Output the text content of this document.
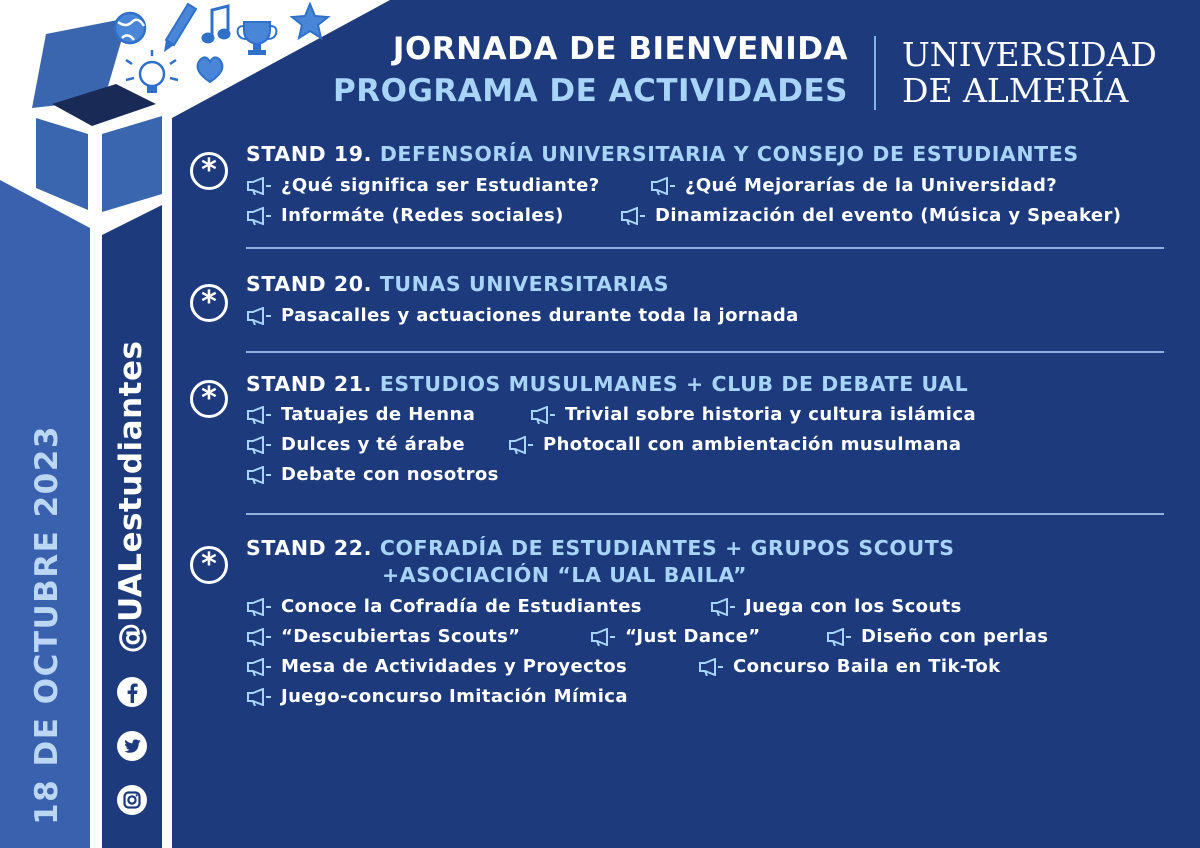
18 DE OCTUBRE 2023 @UALestudiantes
JORNADA DE BIENVENIDA
PROGRAMA DE ACTIVIDADES
UNIVERSIDAD
DE ALMERÍA
*	STAND 19. DEFENSORÍA UNIVERSITARIA Y CONSEJO DE ESTUDIANTES
¿Qué significa ser Estudiante?	¿Qué Mejorarías de la Universidad?
Informáte (Redes sociales)	Dinamización del evento (Música y Speaker)
*
STAND 20. TUNAS UNIVERSITARIAS
Pasacalles y actuaciones durante toda la jornada
*	STAND 21. ESTUDIOS MUSULMANES + CLUB DE DEBATE UAL
Tatuajes de Henna	Trivial sobre historia y cultura islámica
Dulces y té árabe	Photocall con ambientación musulmana
Debate con nosotros
*	STAND 22. COFRADÍA DE ESTUDIANTES + GRUPOS SCOUTS
+ASOCIACIÓN “LA UAL BAILA”
Conoce la Cofradía de Estudiantes	Juega con los Scouts
“Descubiertas Scouts”	“Just Dance”	Diseño con perlas
Mesa de Actividades y Proyectos	Concurso Baila en Tik-Tok
Juego-concurso Imitación Mímica
